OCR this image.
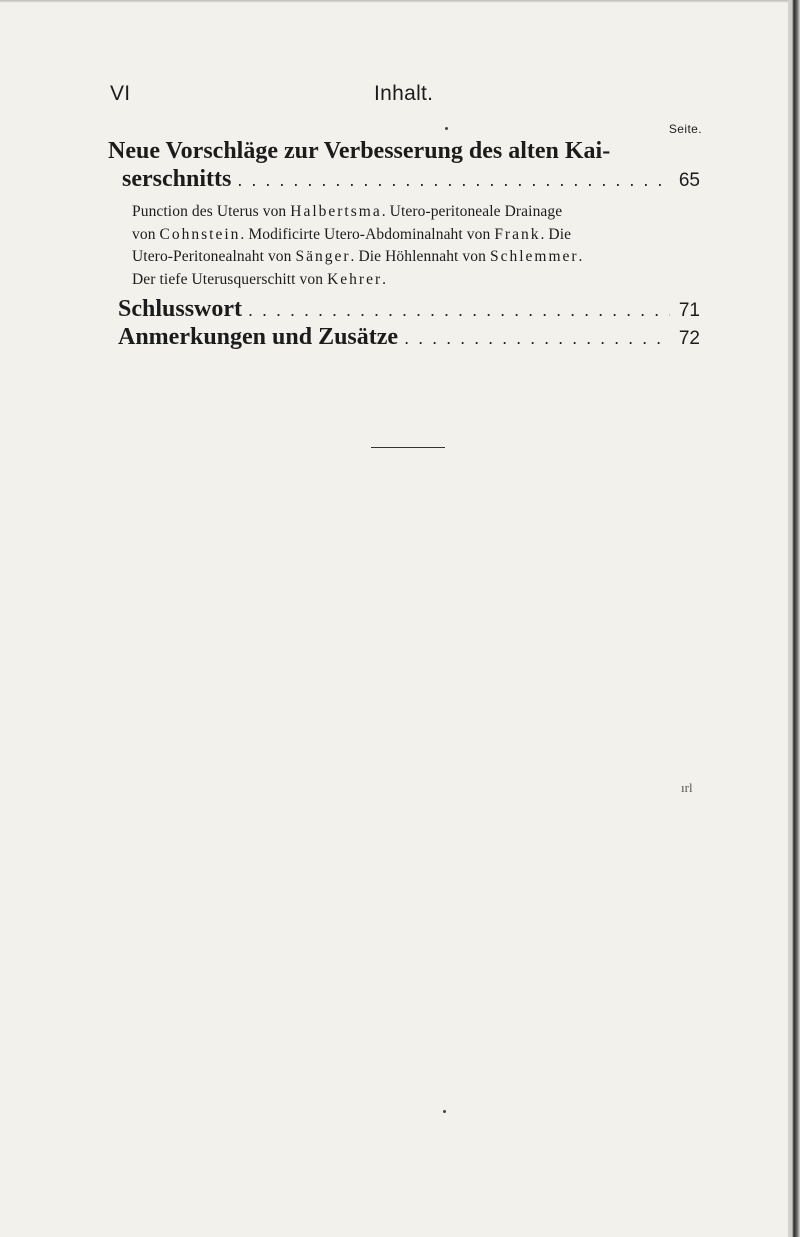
VI	Inhalt.
Seite.
Neue Vorschläge zur Verbesserung des alten Kai-
serschnitts . . .	65
Punction des Uterus von Halbertsma. Utero-peritoneale Drainage
von Cohnstein. Modificirte Utero-Abdominalnaht von Frank. Die
Utero-Peritonealnaht von Sänger. Die Höhlennaht von Schlemmer.
Der tiefe Uterusquerschitt von Kehrer.
Schlusswort . . .	71
Anmerkungen und Zusätze . . .	72
ırl
